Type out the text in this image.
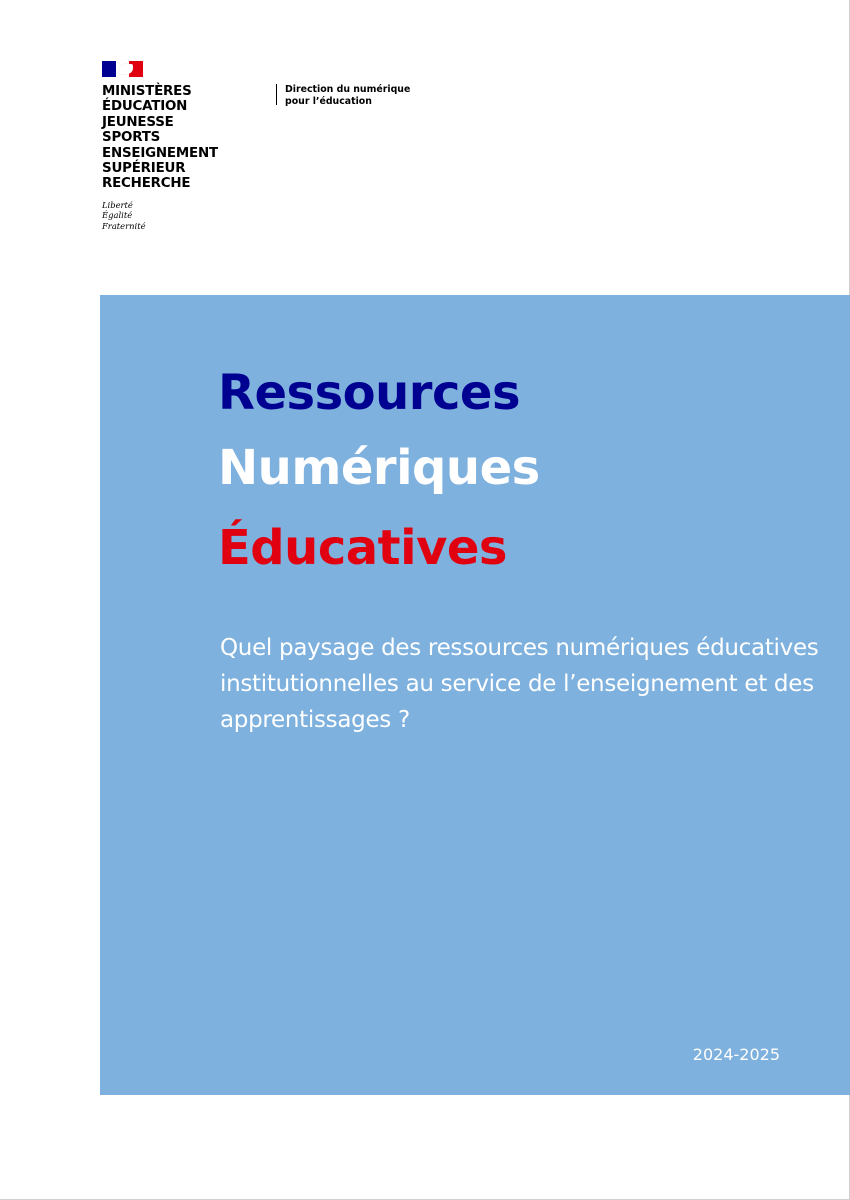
MINISTÈRES
ÉDUCATION
JEUNESSE
SPORTS
ENSEIGNEMENT
SUPÉRIEUR
RECHERCHE
Liberté
Égalité
Fraternité
Direction du numérique
pour l’éducation
Ressources
Numériques
Éducatives
Quel paysage des ressources numériques éducatives institutionnelles au service de l’enseignement et des apprentissages ?
2024-2025
